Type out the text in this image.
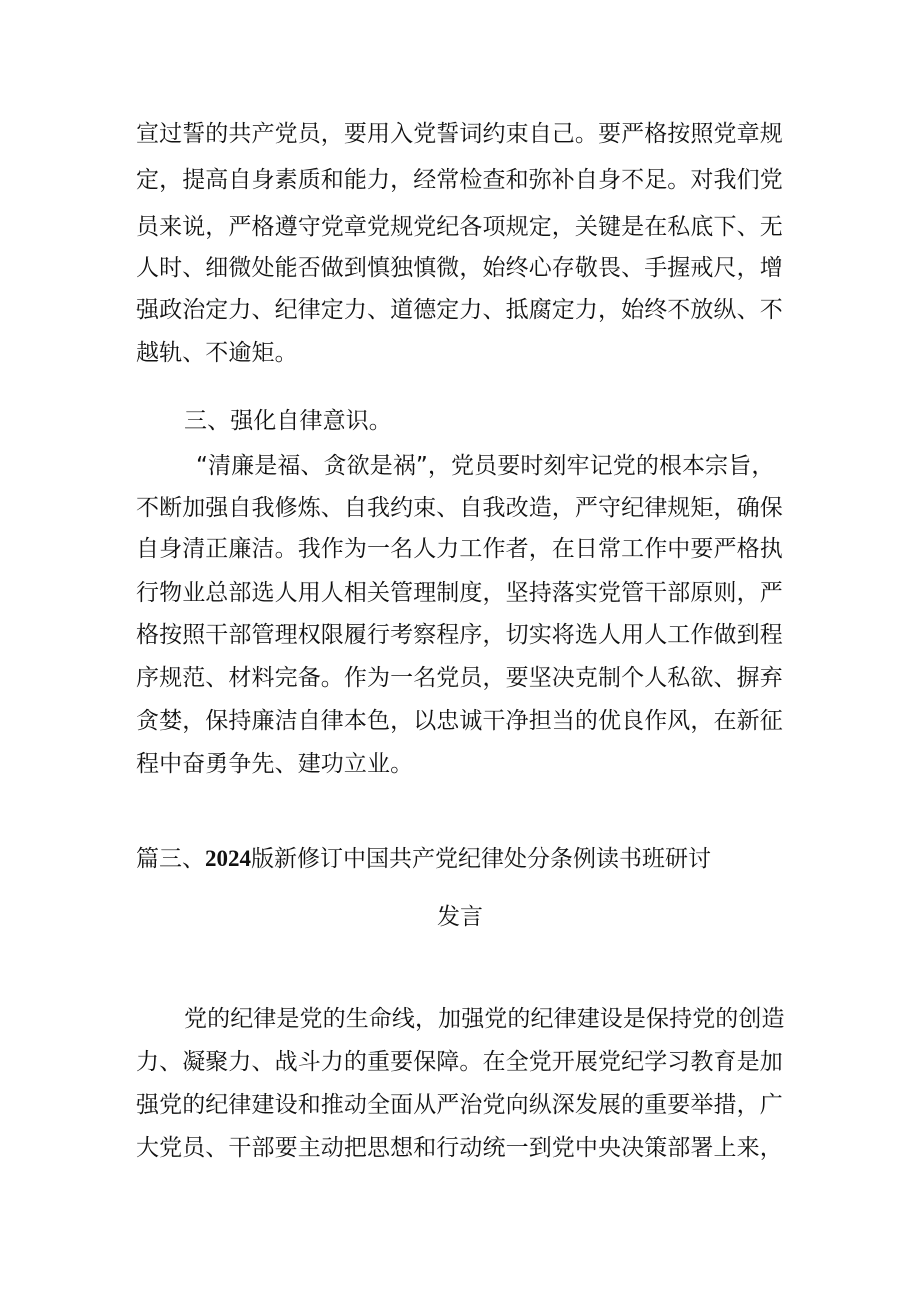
宣过誓的共产党员，要用入党誓词约束自己。要严格按照党章规
定，提高自身素质和能力，经常检查和弥补自身不足。对我们党
员来说，严格遵守党章党规党纪各项规定，关键是在私底下、无
人时、细微处能否做到慎独慎微，始终心存敬畏、手握戒尺，增
强政治定力、纪律定力、道德定力、抵腐定力，始终不放纵、不
越轨、不逾矩。
三、强化自律意识。
“清廉是福、贪欲是祸”，党员要时刻牢记党的根本宗旨，
不断加强自我修炼、自我约束、自我改造，严守纪律规矩，确保
自身清正廉洁。我作为一名人力工作者，在日常工作中要严格执
行物业总部选人用人相关管理制度，坚持落实党管干部原则，严
格按照干部管理权限履行考察程序，切实将选人用人工作做到程
序规范、材料完备。作为一名党员，要坚决克制个人私欲、摒弃
贪婪，保持廉洁自律本色，以忠诚干净担当的优良作风，在新征
程中奋勇争先、建功立业。
篇三、2024版新修订中国共产党纪律处分条例读书班研讨
发言
党的纪律是党的生命线，加强党的纪律建设是保持党的创造
力、凝聚力、战斗力的重要保障。在全党开展党纪学习教育是加
强党的纪律建设和推动全面从严治党向纵深发展的重要举措，广
大党员、干部要主动把思想和行动统一到党中央决策部署上来，
